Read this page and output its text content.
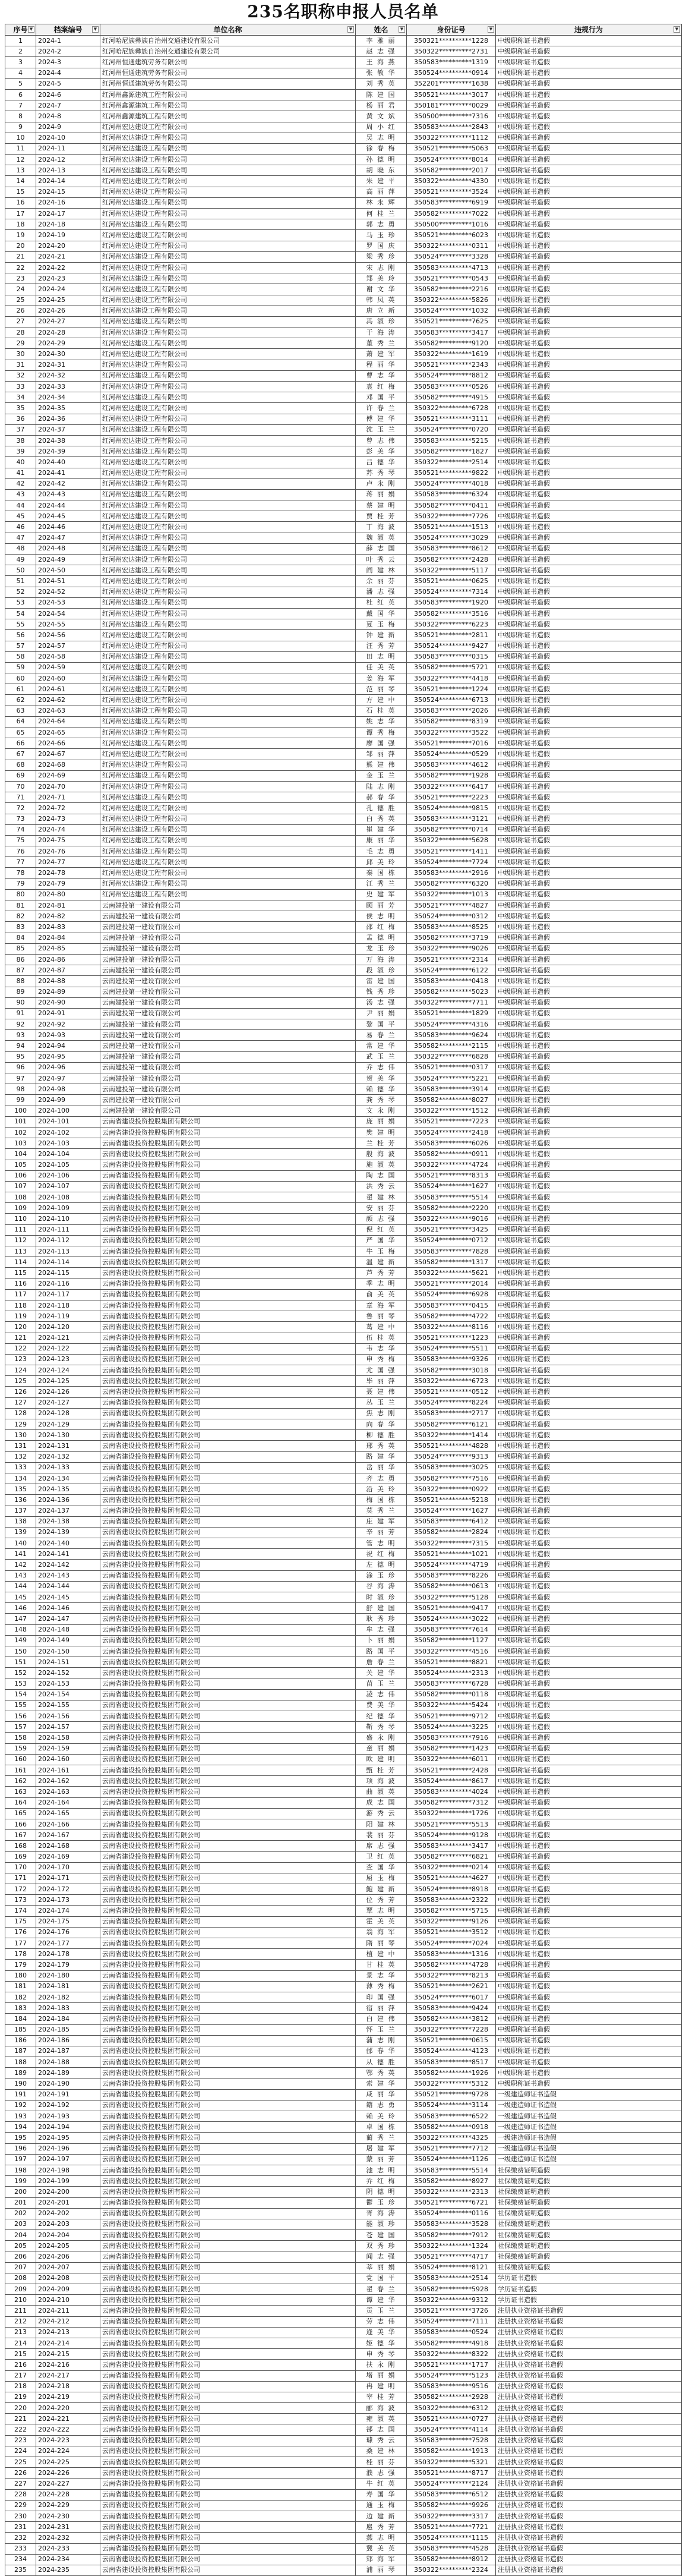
235名职称申报人员名单
序号 ▼	档案编号 ▼	单位名称 ▼	姓名 ▼	身份证号 ▼	违规行为 ▼

1	2024-1	红河哈尼族彝族自治州交通建设有限公司	李 雅 丽	350321**********1228	中级职称证书造假
2	2024-2	红河哈尼族彝族自治州交通建设有限公司	赵 志 强	350322**********2731	中级职称证书造假
3	2024-3	红河州恒通建筑劳务有限公司	王 海 燕	350583**********1319	中级职称证书造假
4	2024-4	红河州恒通建筑劳务有限公司	张 敏 华	350524**********0914	中级职称证书造假
5	2024-5	红河州恒通建筑劳务有限公司	刘 秀 英	352201**********1638	中级职称证书造假
6	2024-6	红河州鑫源建筑工程有限公司	陈 建 国	350521**********3017	中级职称证书造假
7	2024-7	红河州鑫源建筑工程有限公司	杨 丽 君	350181**********0029	中级职称证书造假
8	2024-8	红河州鑫源建筑工程有限公司	黄 文 斌	350500**********7316	中级职称证书造假
9	2024-9	红河州宏达建设工程有限公司	周 小 红	350583**********2843	中级职称证书造假
10	2024-10	红河州宏达建设工程有限公司	吴 志 明	350322**********1112	中级职称证书造假
11	2024-11	红河州宏达建设工程有限公司	徐 春 梅	350521**********5063	中级职称证书造假
12	2024-12	红河州宏达建设工程有限公司	孙 德 明	350524**********8014	中级职称证书造假
13	2024-13	红河州宏达建设工程有限公司	胡 晓 东	350582**********2017	中级职称证书造假
14	2024-14	红河州宏达建设工程有限公司	朱 建 平	350322**********4330	中级职称证书造假
15	2024-15	红河州宏达建设工程有限公司	高 丽 萍	350521**********3524	中级职称证书造假
16	2024-16	红河州宏达建设工程有限公司	林 永 辉	350583**********6919	中级职称证书造假
17	2024-17	红河州宏达建设工程有限公司	何 桂 兰	350582**********7022	中级职称证书造假
18	2024-18	红河州宏达建设工程有限公司	郭 志 勇	350500**********1016	中级职称证书造假
19	2024-19	红河州宏达建设工程有限公司	马 玉 珍	350521**********6023	中级职称证书造假
20	2024-20	红河州宏达建设工程有限公司	罗 国 庆	350322**********0311	中级职称证书造假
21	2024-21	红河州宏达建设工程有限公司	梁 秀 珍	350524**********3328	中级职称证书造假
22	2024-22	红河州宏达建设工程有限公司	宋 志 刚	350583**********4713	中级职称证书造假
23	2024-23	红河州宏达建设工程有限公司	郑 美 玲	350521**********0543	中级职称证书造假
24	2024-24	红河州宏达建设工程有限公司	谢 文 华	350582**********2216	中级职称证书造假
25	2024-25	红河州宏达建设工程有限公司	韩 凤 英	350322**********5826	中级职称证书造假
26	2024-26	红河州宏达建设工程有限公司	唐 立 新	350524**********1032	中级职称证书造假
27	2024-27	红河州宏达建设工程有限公司	冯 淑 珍	350521**********7625	中级职称证书造假
28	2024-28	红河州宏达建设工程有限公司	于 海 涛	350583**********3417	中级职称证书造假
29	2024-29	红河州宏达建设工程有限公司	董 秀 兰	350582**********9120	中级职称证书造假
30	2024-30	红河州宏达建设工程有限公司	萧 建 军	350322**********1619	中级职称证书造假
31	2024-31	红河州宏达建设工程有限公司	程 丽 华	350521**********2343	中级职称证书造假
32	2024-32	红河州宏达建设工程有限公司	曹 志 华	350524**********8812	中级职称证书造假
33	2024-33	红河州宏达建设工程有限公司	袁 红 梅	350583**********0526	中级职称证书造假
34	2024-34	红河州宏达建设工程有限公司	邓 国 平	350582**********4915	中级职称证书造假
35	2024-35	红河州宏达建设工程有限公司	许 春 兰	350322**********6728	中级职称证书造假
36	2024-36	红河州宏达建设工程有限公司	傅 建 华	350521**********3111	中级职称证书造假
37	2024-37	红河州宏达建设工程有限公司	沈 玉 兰	350524**********0720	中级职称证书造假
38	2024-38	红河州宏达建设工程有限公司	曾 志 伟	350583**********5215	中级职称证书造假
39	2024-39	红河州宏达建设工程有限公司	彭 美 华	350582**********1827	中级职称证书造假
40	2024-40	红河州宏达建设工程有限公司	吕 德 华	350322**********2514	中级职称证书造假
41	2024-41	红河州宏达建设工程有限公司	苏 秀 琴	350521**********9822	中级职称证书造假
42	2024-42	红河州宏达建设工程有限公司	卢 永 刚	350524**********4018	中级职称证书造假
43	2024-43	红河州宏达建设工程有限公司	蒋 丽 娟	350583**********6324	中级职称证书造假
44	2024-44	红河州宏达建设工程有限公司	蔡 建 明	350582**********0411	中级职称证书造假
45	2024-45	红河州宏达建设工程有限公司	贾 桂 芳	350322**********7726	中级职称证书造假
46	2024-46	红河州宏达建设工程有限公司	丁 海 波	350521**********1513	中级职称证书造假
47	2024-47	红河州宏达建设工程有限公司	魏 淑 英	350524**********3029	中级职称证书造假
48	2024-48	红河州宏达建设工程有限公司	薛 志 国	350583**********8612	中级职称证书造假
49	2024-49	红河州宏达建设工程有限公司	叶 秀 云	350582**********2428	中级职称证书造假
50	2024-50	红河州宏达建设工程有限公司	阎 建 林	350322**********5117	中级职称证书造假
51	2024-51	红河州宏达建设工程有限公司	余 丽 芬	350521**********0625	中级职称证书造假
52	2024-52	红河州宏达建设工程有限公司	潘 志 强	350524**********7314	中级职称证书造假
53	2024-53	红河州宏达建设工程有限公司	杜 红 英	350583**********1920	中级职称证书造假
54	2024-54	红河州宏达建设工程有限公司	戴 国 华	350582**********3516	中级职称证书造假
55	2024-55	红河州宏达建设工程有限公司	夏 玉 梅	350322**********6223	中级职称证书造假
56	2024-56	红河州宏达建设工程有限公司	钟 建 新	350521**********2811	中级职称证书造假
57	2024-57	红河州宏达建设工程有限公司	汪 秀 芳	350524**********9427	中级职称证书造假
58	2024-58	红河州宏达建设工程有限公司	田 志 明	350583**********0315	中级职称证书造假
59	2024-59	红河州宏达建设工程有限公司	任 美 英	350582**********5721	中级职称证书造假
60	2024-60	红河州宏达建设工程有限公司	姜 海 军	350322**********4418	中级职称证书造假
61	2024-61	红河州宏达建设工程有限公司	范 丽 琴	350521**********1224	中级职称证书造假
62	2024-62	红河州宏达建设工程有限公司	方 建 中	350524**********6713	中级职称证书造假
63	2024-63	红河州宏达建设工程有限公司	石 桂 英	350583**********2026	中级职称证书造假
64	2024-64	红河州宏达建设工程有限公司	姚 志 华	350582**********8319	中级职称证书造假
65	2024-65	红河州宏达建设工程有限公司	谭 秀 梅	350322**********3522	中级职称证书造假
66	2024-66	红河州宏达建设工程有限公司	廖 国 强	350521**********7016	中级职称证书造假
67	2024-67	红河州宏达建设工程有限公司	邹 丽 萍	350524**********0529	中级职称证书造假
68	2024-68	红河州宏达建设工程有限公司	熊 建 伟	350583**********4612	中级职称证书造假
69	2024-69	红河州宏达建设工程有限公司	金 玉 兰	350582**********1928	中级职称证书造假
70	2024-70	红河州宏达建设工程有限公司	陆 志 刚	350322**********6417	中级职称证书造假
71	2024-71	红河州宏达建设工程有限公司	郝 春 华	350521**********2223	中级职称证书造假
72	2024-72	红河州宏达建设工程有限公司	孔 德 胜	350524**********9815	中级职称证书造假
73	2024-73	红河州宏达建设工程有限公司	白 秀 英	350583**********3121	中级职称证书造假
74	2024-74	红河州宏达建设工程有限公司	崔 建 华	350582**********0714	中级职称证书造假
75	2024-75	红河州宏达建设工程有限公司	康 丽 华	350322**********5628	中级职称证书造假
76	2024-76	红河州宏达建设工程有限公司	毛 志 勇	350521**********1411	中级职称证书造假
77	2024-77	红河州宏达建设工程有限公司	邱 美 玲	350524**********7724	中级职称证书造假
78	2024-78	红河州宏达建设工程有限公司	秦 国 栋	350583**********2916	中级职称证书造假
79	2024-79	红河州宏达建设工程有限公司	江 秀 兰	350582**********6320	中级职称证书造假
80	2024-80	红河州宏达建设工程有限公司	史 建 军	350322**********1013	中级职称证书造假
81	2024-81	云南建投第一建设有限公司	顾 丽 芳	350521**********4827	中级职称证书造假
82	2024-82	云南建投第一建设有限公司	侯 志 明	350524**********0312	中级职称证书造假
83	2024-83	云南建投第一建设有限公司	邵 红 梅	350583**********8525	中级职称证书造假
84	2024-84	云南建投第一建设有限公司	孟 德 明	350582**********3719	中级职称证书造假
85	2024-85	云南建投第一建设有限公司	龙 玉 珍	350322**********9026	中级职称证书造假
86	2024-86	云南建投第一建设有限公司	万 海 涛	350521**********2314	中级职称证书造假
87	2024-87	云南建投第一建设有限公司	段 淑 珍	350524**********6122	中级职称证书造假
88	2024-88	云南建投第一建设有限公司	雷 建 国	350583**********0418	中级职称证书造假
89	2024-89	云南建投第一建设有限公司	钱 秀 珍	350582**********5023	中级职称证书造假
90	2024-90	云南建投第一建设有限公司	汤 志 强	350322**********7711	中级职称证书造假
91	2024-91	云南建投第一建设有限公司	尹 丽 娟	350521**********1829	中级职称证书造假
92	2024-92	云南建投第一建设有限公司	黎 国 平	350524**********4316	中级职称证书造假
93	2024-93	云南建投第一建设有限公司	易 春 兰	350583**********9624	中级职称证书造假
94	2024-94	云南建投第一建设有限公司	常 建 华	350582**********2115	中级职称证书造假
95	2024-95	云南建投第一建设有限公司	武 玉 兰	350322**********6828	中级职称证书造假
96	2024-96	云南建投第一建设有限公司	乔 志 伟	350521**********0317	中级职称证书造假
97	2024-97	云南建投第一建设有限公司	贺 美 华	350524**********5221	中级职称证书造假
98	2024-98	云南建投第一建设有限公司	赖 德 华	350583**********3914	中级职称证书造假
99	2024-99	云南建投第一建设有限公司	龚 秀 琴	350582**********8027	中级职称证书造假
100	2024-100	云南建投第一建设有限公司	文 永 刚	350322**********1512	中级职称证书造假
101	2024-101	云南省建设投资控股集团有限公司	庞 丽 娟	350521**********7223	中级职称证书造假
102	2024-102	云南省建设投资控股集团有限公司	樊 建 明	350524**********2418	中级职称证书造假
103	2024-103	云南省建设投资控股集团有限公司	兰 桂 芳	350583**********6026	中级职称证书造假
104	2024-104	云南省建设投资控股集团有限公司	殷 海 波	350582**********0911	中级职称证书造假
105	2024-105	云南省建设投资控股集团有限公司	施 淑 英	350322**********4724	中级职称证书造假
106	2024-106	云南省建设投资控股集团有限公司	陶 志 国	350521**********8313	中级职称证书造假
107	2024-107	云南省建设投资控股集团有限公司	洪 秀 云	350524**********1627	中级职称证书造假
108	2024-108	云南省建设投资控股集团有限公司	翟 建 林	350583**********5514	中级职称证书造假
109	2024-109	云南省建设投资控股集团有限公司	安 丽 芬	350582**********2220	中级职称证书造假
110	2024-110	云南省建设投资控股集团有限公司	颜 志 强	350322**********9016	中级职称证书造假
111	2024-111	云南省建设投资控股集团有限公司	倪 红 英	350521**********3425	中级职称证书造假
112	2024-112	云南省建设投资控股集团有限公司	严 国 华	350524**********0712	中级职称证书造假
113	2024-113	云南省建设投资控股集团有限公司	牛 玉 梅	350583**********7828	中级职称证书造假
114	2024-114	云南省建设投资控股集团有限公司	温 建 新	350582**********1317	中级职称证书造假
115	2024-115	云南省建设投资控股集团有限公司	芦 秀 芳	350322**********5621	中级职称证书造假
116	2024-116	云南省建设投资控股集团有限公司	季 志 明	350521**********2014	中级职称证书造假
117	2024-117	云南省建设投资控股集团有限公司	俞 美 英	350524**********6928	中级职称证书造假
118	2024-118	云南省建设投资控股集团有限公司	章 海 军	350583**********0415	中级职称证书造假
119	2024-119	云南省建设投资控股集团有限公司	鲁 丽 琴	350582**********4722	中级职称证书造假
120	2024-120	云南省建设投资控股集团有限公司	葛 建 中	350322**********8116	中级职称证书造假
121	2024-121	云南省建设投资控股集团有限公司	伍 桂 英	350521**********1223	中级职称证书造假
122	2024-122	云南省建设投资控股集团有限公司	韦 志 华	350524**********5511	中级职称证书造假
123	2024-123	云南省建设投资控股集团有限公司	申 秀 梅	350583**********9326	中级职称证书造假
124	2024-124	云南省建设投资控股集团有限公司	尤 国 强	350582**********3018	中级职称证书造假
125	2024-125	云南省建设投资控股集团有限公司	毕 丽 萍	350322**********6723	中级职称证书造假
126	2024-126	云南省建设投资控股集团有限公司	聂 建 伟	350521**********0512	中级职称证书造假
127	2024-127	云南省建设投资控股集团有限公司	丛 玉 兰	350524**********8224	中级职称证书造假
128	2024-128	云南省建设投资控股集团有限公司	焦 志 刚	350583**********2717	中级职称证书造假
129	2024-129	云南省建设投资控股集团有限公司	向 春 华	350582**********6121	中级职称证书造假
130	2024-130	云南省建设投资控股集团有限公司	柳 德 胜	350322**********1414	中级职称证书造假
131	2024-131	云南省建设投资控股集团有限公司	邢 秀 英	350521**********4828	中级职称证书造假
132	2024-132	云南省建设投资控股集团有限公司	路 建 华	350524**********9313	中级职称证书造假
133	2024-133	云南省建设投资控股集团有限公司	岳 丽 华	350583**********3025	中级职称证书造假
134	2024-134	云南省建设投资控股集团有限公司	齐 志 勇	350582**********7516	中级职称证书造假
135	2024-135	云南省建设投资控股集团有限公司	沿 美 玲	350322**********0922	中级职称证书造假
136	2024-136	云南省建设投资控股集团有限公司	梅 国 栋	350521**********5218	中级职称证书造假
137	2024-137	云南省建设投资控股集团有限公司	莫 秀 兰	350524**********1627	中级职称证书造假
138	2024-138	云南省建设投资控股集团有限公司	庄 建 军	350583**********6412	中级职称证书造假
139	2024-139	云南省建设投资控股集团有限公司	辛 丽 芳	350582**********2824	中级职称证书造假
140	2024-140	云南省建设投资控股集团有限公司	管 志 明	350322**********7315	中级职称证书造假
141	2024-141	云南省建设投资控股集团有限公司	祝 红 梅	350521**********1021	中级职称证书造假
142	2024-142	云南省建设投资控股集团有限公司	左 德 明	350524**********4719	中级职称证书造假
143	2024-143	云南省建设投资控股集团有限公司	涂 玉 珍	350583**********8226	中级职称证书造假
144	2024-144	云南省建设投资控股集团有限公司	谷 海 涛	350582**********0613	中级职称证书造假
145	2024-145	云南省建设投资控股集团有限公司	时 淑 珍	350322**********5128	中级职称证书造假
146	2024-146	云南省建设投资控股集团有限公司	舒 建 国	350521**********9417	中级职称证书造假
147	2024-147	云南省建设投资控股集团有限公司	耿 秀 珍	350524**********3022	中级职称证书造假
148	2024-148	云南省建设投资控股集团有限公司	牟 志 强	350583**********7614	中级职称证书造假
149	2024-149	云南省建设投资控股集团有限公司	卜 丽 娟	350582**********1127	中级职称证书造假
150	2024-150	云南省建设投资控股集团有限公司	路 国 平	350322**********4516	中级职称证书造假
151	2024-151	云南省建设投资控股集团有限公司	詹 春 兰	350521**********8821	中级职称证书造假
152	2024-152	云南省建设投资控股集团有限公司	关 建 华	350524**********2313	中级职称证书造假
153	2024-153	云南省建设投资控股集团有限公司	苗 玉 兰	350583**********6728	中级职称证书造假
154	2024-154	云南省建设投资控股集团有限公司	凌 志 伟	350582**********0118	中级职称证书造假
155	2024-155	云南省建设投资控股集团有限公司	费 美 华	350322**********5424	中级职称证书造假
156	2024-156	云南省建设投资控股集团有限公司	纪 德 华	350521**********9712	中级职称证书造假
157	2024-157	云南省建设投资控股集团有限公司	靳 秀 琴	350524**********3225	中级职称证书造假
158	2024-158	云南省建设投资控股集团有限公司	盛 永 刚	350583**********7916	中级职称证书造假
159	2024-159	云南省建设投资控股集团有限公司	童 丽 娟	350582**********1423	中级职称证书造假
160	2024-160	云南省建设投资控股集团有限公司	欧 建 明	350322**********6011	中级职称证书造假
161	2024-161	云南省建设投资控股集团有限公司	甄 桂 芳	350521**********2428	中级职称证书造假
162	2024-162	云南省建设投资控股集团有限公司	项 海 波	350524**********8617	中级职称证书造假
163	2024-163	云南省建设投资控股集团有限公司	曲 淑 英	350583**********4024	中级职称证书造假
164	2024-164	云南省建设投资控股集团有限公司	成 志 国	350582**********7312	中级职称证书造假
165	2024-165	云南省建设投资控股集团有限公司	游 秀 云	350322**********1726	中级职称证书造假
166	2024-166	云南省建设投资控股集团有限公司	阳 建 林	350521**********5513	中级职称证书造假
167	2024-167	云南省建设投资控股集团有限公司	裴 丽 芬	350524**********9128	中级职称证书造假
168	2024-168	云南省建设投资控股集团有限公司	席 志 强	350583**********3417	中级职称证书造假
169	2024-169	云南省建设投资控股集团有限公司	卫 红 英	350582**********6821	中级职称证书造假
170	2024-170	云南省建设投资控股集团有限公司	查 国 华	350322**********0214	中级职称证书造假
171	2024-171	云南省建设投资控股集团有限公司	屈 玉 梅	350521**********4627	中级职称证书造假
172	2024-172	云南省建设投资控股集团有限公司	鲍 建 新	350524**********8918	中级职称证书造假
173	2024-173	云南省建设投资控股集团有限公司	位 秀 芳	350583**********2322	中级职称证书造假
174	2024-174	云南省建设投资控股集团有限公司	覃 志 明	350582**********5715	中级职称证书造假
175	2024-175	云南省建设投资控股集团有限公司	霍 美 英	350322**********9126	中级职称证书造假
176	2024-176	云南省建设投资控股集团有限公司	翁 海 军	350521**********3512	中级职称证书造假
177	2024-177	云南省建设投资控股集团有限公司	隋 丽 琴	350524**********7024	中级职称证书造假
178	2024-178	云南省建设投资控股集团有限公司	植 建 中	350583**********1316	中级职称证书造假
179	2024-179	云南省建设投资控股集团有限公司	甘 桂 英	350582**********4728	中级职称证书造假
180	2024-180	云南省建设投资控股集团有限公司	景 志 华	350322**********8213	中级职称证书造假
181	2024-181	云南省建设投资控股集团有限公司	薄 秀 梅	350521**********2621	中级职称证书造假
182	2024-182	云南省建设投资控股集团有限公司	印 国 强	350524**********6017	中级职称证书造假
183	2024-183	云南省建设投资控股集团有限公司	宿 丽 萍	350583**********9424	中级职称证书造假
184	2024-184	云南省建设投资控股集团有限公司	白 建 伟	350582**********3812	中级职称证书造假
185	2024-185	云南省建设投资控股集团有限公司	怀 玉 兰	350322**********7228	中级职称证书造假
186	2024-186	云南省建设投资控股集团有限公司	蒲 志 刚	350521**********0615	中级职称证书造假
187	2024-187	云南省建设投资控股集团有限公司	邰 春 华	350524**********4123	中级职称证书造假
188	2024-188	云南省建设投资控股集团有限公司	从 德 胜	350583**********8517	中级职称证书造假
189	2024-189	云南省建设投资控股集团有限公司	鄂 秀 英	350582**********1926	中级职称证书造假
190	2024-190	云南省建设投资控股集团有限公司	索 建 华	350322**********5312	中级职称证书造假
191	2024-191	云南省建设投资控股集团有限公司	咸 丽 华	350521**********9728	一级建造师证书造假
192	2024-192	云南省建设投资控股集团有限公司	籍 志 勇	350524**********3114	一级建造师证书造假
193	2024-193	云南省建设投资控股集团有限公司	赖 美 玲	350583**********6522	一级建造师证书造假
194	2024-194	云南省建设投资控股集团有限公司	卓 国 栋	350582**********0918	一级建造师证书造假
195	2024-195	云南省建设投资控股集团有限公司	蔺 秀 兰	350322**********4325	一级建造师证书造假
196	2024-196	云南省建设投资控股集团有限公司	屠 建 军	350521**********7712	一级建造师证书造假
197	2024-197	云南省建设投资控股集团有限公司	蒙 丽 芳	350524**********1126	一级建造师证书造假
198	2024-198	云南省建设投资控股集团有限公司	池 志 明	350583**********5514	社保缴费证明造假
199	2024-199	云南省建设投资控股集团有限公司	乔 红 梅	350582**********8927	社保缴费证明造假
200	2024-200	云南省建设投资控股集团有限公司	阴 德 明	350322**********2313	社保缴费证明造假
201	2024-201	云南省建设投资控股集团有限公司	鬱 玉 珍	350521**********6721	社保缴费证明造假
202	2024-202	云南省建设投资控股集团有限公司	胥 海 涛	350524**********0116	社保缴费证明造假
203	2024-203	云南省建设投资控股集团有限公司	能 淑 珍	350583**********3528	社保缴费证明造假
204	2024-204	云南省建设投资控股集团有限公司	苍 建 国	350582**********7912	社保缴费证明造假
205	2024-205	云南省建设投资控股集团有限公司	双 秀 珍	350322**********1324	社保缴费证明造假
206	2024-206	云南省建设投资控股集团有限公司	闻 志 强	350521**********4717	社保缴费证明造假
207	2024-207	云南省建设投资控股集团有限公司	莘 丽 娟	350524**********8121	社保缴费证明造假
208	2024-208	云南省建设投资控股集团有限公司	党 国 平	350583**********2514	学历证书造假
209	2024-209	云南省建设投资控股集团有限公司	翟 春 兰	350582**********5928	学历证书造假
210	2024-210	云南省建设投资控股集团有限公司	谭 建 华	350322**********9312	学历证书造假
211	2024-211	云南省建设投资控股集团有限公司	贡 玉 兰	350521**********3726	注册执业资格证书造假
212	2024-212	云南省建设投资控股集团有限公司	劳 志 伟	350524**********7111	注册执业资格证书造假
213	2024-213	云南省建设投资控股集团有限公司	逄 美 华	350583**********0524	注册执业资格证书造假
214	2024-214	云南省建设投资控股集团有限公司	姬 德 华	350582**********4918	注册执业资格证书造假
215	2024-215	云南省建设投资控股集团有限公司	申 秀 琴	350322**********8322	注册执业资格证书造假
216	2024-216	云南省建设投资控股集团有限公司	扶 永 刚	350521**********1717	注册执业资格证书造假
217	2024-217	云南省建设投资控股集团有限公司	堵 丽 娟	350524**********5123	注册执业资格证书造假
218	2024-218	云南省建设投资控股集团有限公司	冉 建 明	350583**********9516	注册执业资格证书造假
219	2024-219	云南省建设投资控股集团有限公司	宰 桂 芳	350582**********2928	注册执业资格证书造假
220	2024-220	云南省建设投资控股集团有限公司	郦 海 波	350322**********6312	注册执业资格证书造假
221	2024-221	云南省建设投资控股集团有限公司	雍 淑 英	350521**********0727	注册执业资格证书造假
222	2024-222	云南省建设投资控股集团有限公司	郤 志 国	350524**********4114	注册执业资格证书造假
223	2024-223	云南省建设投资控股集团有限公司	璩 秀 云	350583**********7528	注册执业资格证书造假
224	2024-224	云南省建设投资控股集团有限公司	桑 建 林	350582**********1913	注册执业资格证书造假
225	2024-225	云南省建设投资控股集团有限公司	桂 丽 芬	350322**********5321	注册执业资格证书造假
226	2024-226	云南省建设投资控股集团有限公司	濮 志 强	350521**********8717	注册执业资格证书造假
227	2024-227	云南省建设投资控股集团有限公司	牛 红 英	350524**********2124	注册执业资格证书造假
228	2024-228	云南省建设投资控股集团有限公司	寿 国 华	350583**********6512	注册执业资格证书造假
229	2024-229	云南省建设投资控股集团有限公司	通 玉 梅	350582**********9926	注册执业资格证书造假
230	2024-230	云南省建设投资控股集团有限公司	边 建 新	350322**********3317	注册执业资格证书造假
231	2024-231	云南省建设投资控股集团有限公司	扈 秀 芳	350521**********7721	注册执业资格证书造假
232	2024-232	云南省建设投资控股集团有限公司	燕 志 明	350524**********1115	注册执业资格证书造假
233	2024-233	云南省建设投资控股集团有限公司	冀 美 英	350583**********4528	注册执业资格证书造假
234	2024-234	云南省建设投资控股集团有限公司	郏 海 军	350582**********8912	注册执业资格证书造假
235	2024-235	云南省建设投资控股集团有限公司	浦 丽 琴	350322**********2324	注册执业资格证书造假
